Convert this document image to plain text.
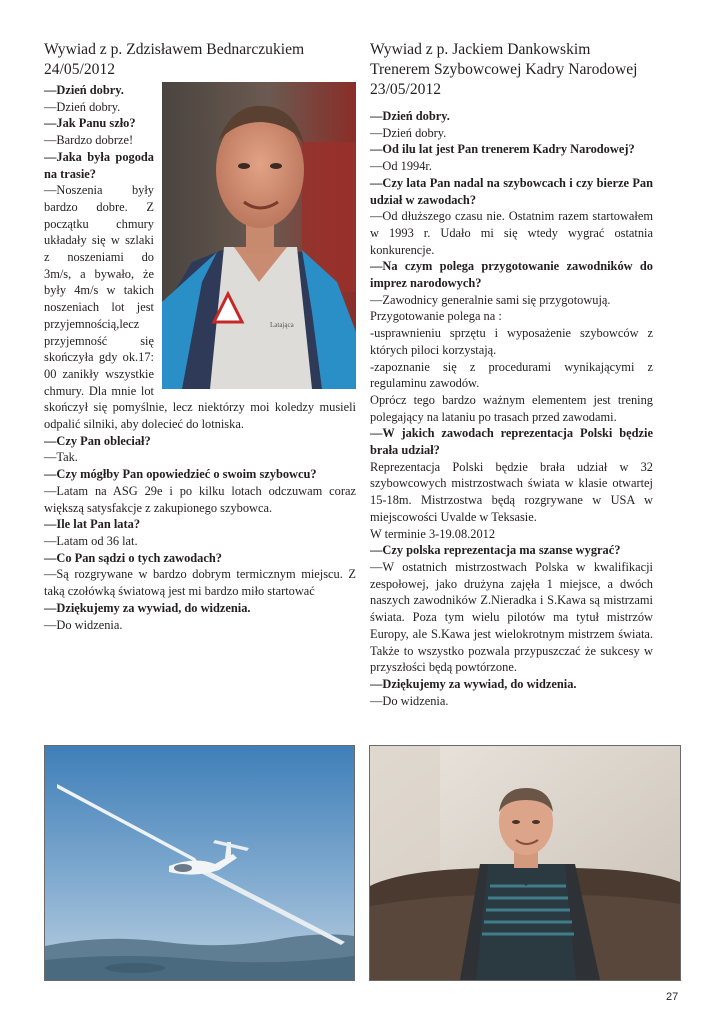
Wywiad z p. Zdzisławem Bednarczukiem
24/05/2012
Latająca

—Dzień dobry.

—Dzień dobry.

—Jak Panu szło?

—Bardzo dobrze!

—Jaka była pogoda na trasie?

—Noszenia były bardzo dobre. Z początku chmury układały się w szlaki z noszeniami do 3m/s, a bywało, że były 4m/s w takich noszeniach lot jest przyjemnością,lecz przyjemność się skończyła gdy ok.17: 00 zanikły wszystkie chmury. Dla mnie lot skończył się pomyślnie, lecz niektórzy moi koledzy musieli odpalić silniki, aby dolecieć do lotniska.

—Czy Pan obleciał?

—Tak.

—Czy mógłby Pan opowiedzieć o swoim szybowcu?

—Latam na ASG 29e i po kilku lotach odczuwam coraz większą satysfakcje z zakupionego szybowca.

—Ile lat Pan lata?

—Latam od 36 lat.

—Co Pan sądzi o tych zawodach?

—Są rozgrywane w bardzo dobrym termicznym miejscu. Z taką czołówką światową jest mi bardzo miło startować

—Dziękujemy za wywiad, do widzenia.

—Do widzenia.

Wywiad z p. Jackiem Dankowskim
Trenerem Szybowcowej Kadry Narodowej
23/05/2012

—Dzień dobry.

—Dzień dobry.

—Od ilu lat jest Pan trenerem Kadry Narodowej?

—Od 1994r.

—Czy lata Pan nadal na szybowcach i czy bierze Pan udział w zawodach?

—Od dłuższego czasu nie. Ostatnim razem startowałem w 1993 r. Udało mi się wtedy wygrać ostatnia konkurencje.

—Na czym polega przygotowanie zawodników do imprez narodowych?

—Zawodnicy generalnie sami się przygotowują.

Przygotowanie polega na :

-usprawnieniu sprzętu i wyposażenie szybowców z których piloci korzystają.

-zapoznanie się z procedurami wynikającymi z regulaminu zawodów.

Oprócz tego bardzo ważnym elementem jest trening polegający na lataniu po trasach przed zawodami.

—W jakich zawodach reprezentacja Polski będzie brała udział?

Reprezentacja Polski będzie brała udział w 32 szybowcowych mistrzostwach świata w klasie otwartej 15-18m. Mistrzostwa będą rozgrywane w USA w miejscowości Uvalde w Teksasie.

W terminie 3-19.08.2012

—Czy polska reprezentacja ma szanse wygrać?

—W ostatnich mistrzostwach Polska w kwalifikacji zespołowej, jako drużyna zajęła 1 miejsce, a dwóch naszych zawodników Z.Nieradka i S.Kawa są mistrzami świata. Poza tym wielu pilotów ma tytuł mistrzów Europy, ale S.Kawa jest wielokrotnym mistrzem świata. Także to wszystko pozwala przypuszczać że sukcesy w przyszłości będą powtórzone.

—Dziękujemy za wywiad, do widzenia.

—Do widzenia.

27
